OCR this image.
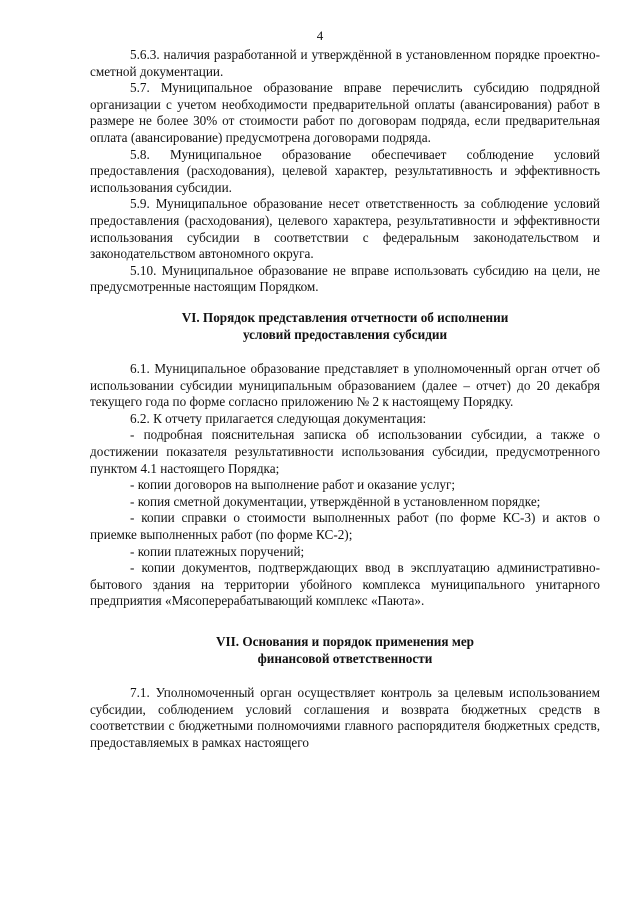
4

5.6.3. наличия разработанной и утверждённой в установленном порядке проектно-сметной документации.

5.7. Муниципальное образование вправе перечислить субсидию подрядной организации с учетом необходимости предварительной оплаты (авансирования) работ в размере не более 30% от стоимости работ по договорам подряда, если предварительная оплата (авансирование) предусмотрена договорами подряда.

5.8. Муниципальное образование обеспечивает соблюдение условий предоставления (расходования), целевой характер, результативность и эффективность использования субсидии.

5.9. Муниципальное образование несет ответственность за соблюдение условий предоставления (расходования), целевого характера, результативности и эффективности использования субсидии в соответствии с федеральным законодательством и законодательством автономного округа.

5.10. Муниципальное образование не вправе использовать субсидию на цели, не предусмотренные настоящим Порядком.

VI. Порядок представления отчетности об исполнении

условий предоставления субсидии

6.1. Муниципальное образование представляет в уполномоченный орган отчет об использовании субсидии муниципальным образованием (далее – отчет) до 20 декабря текущего года по форме согласно приложению № 2 к настоящему Порядку.

6.2. К отчету прилагается следующая документация:

- подробная пояснительная записка об использовании субсидии, а также о достижении показателя результативности использования субсидии, предусмотренного пунктом 4.1 настоящего Порядка;

- копии договоров на выполнение работ и оказание услуг;

- копия сметной документации, утверждённой в установленном порядке;

- копии справки о стоимости выполненных работ (по форме КС-3) и актов о приемке выполненных работ (по форме КС-2);

- копии платежных поручений;

- копии документов, подтверждающих ввод в эксплуатацию административно-бытового здания на территории убойного комплекса муниципального унитарного предприятия «Мясоперерабатывающий комплекс «Паюта».

VII. Основания и порядок применения мер

финансовой ответственности

7.1. Уполномоченный орган осуществляет контроль за целевым использованием субсидии, соблюдением условий соглашения и возврата бюджетных средств в соответствии с бюджетными полномочиями главного распорядителя бюджетных средств, предоставляемых в рамках настоящего
